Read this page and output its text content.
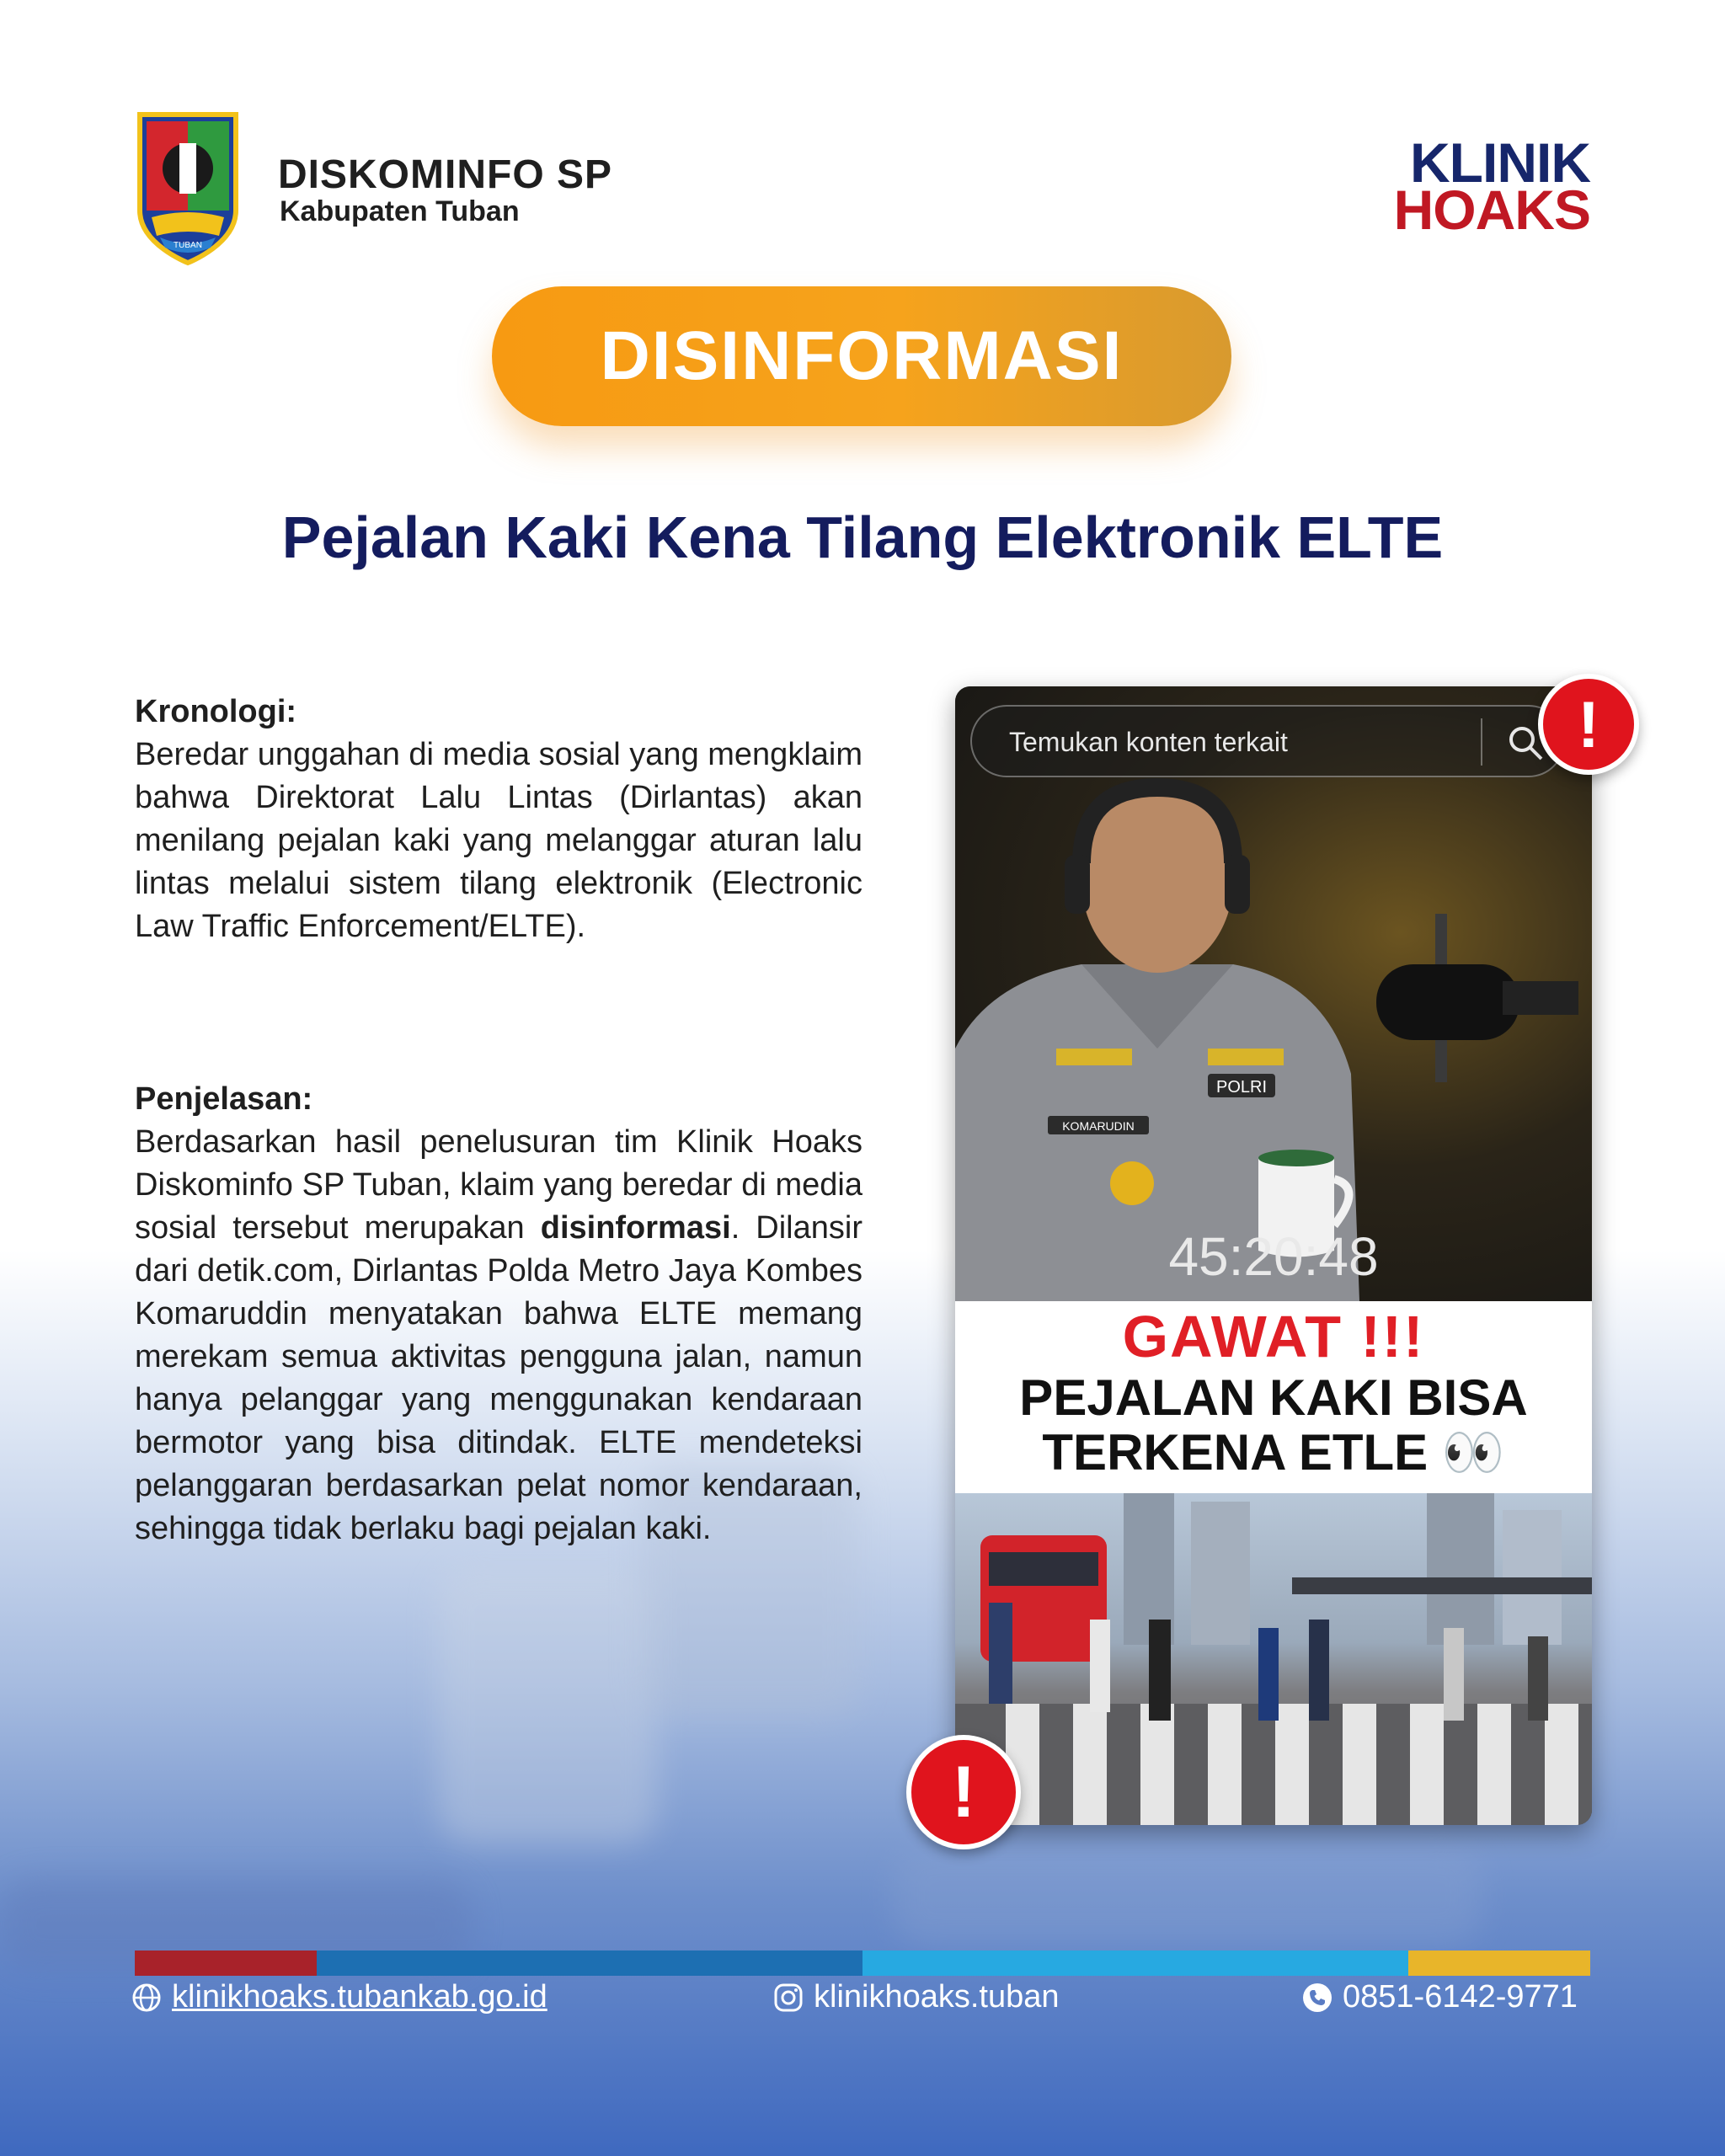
TUBAN
DISKOMINFO SP
Kabupaten Tuban
KLINIK
HOAKS
DISINFORMASI
Pejalan Kaki Kena Tilang Elektronik ELTE
Kronologi:
Beredar unggahan di media sosial yang mengklaim bahwa Direktorat Lalu Lintas (Dirlantas) akan menilang pejalan kaki yang melanggar aturan lalu lintas melalui sistem tilang elektronik (Electronic Law Traffic Enforcement/ELTE).
Penjelasan:
Berdasarkan hasil penelusuran tim Klinik Hoaks Diskominfo SP Tuban, klaim yang beredar di media sosial tersebut merupakan disinformasi. Dilansir dari detik.com, Dirlantas Polda Metro Jaya Kombes Komaruddin menyatakan bahwa ELTE memang merekam semua aktivitas pengguna jalan, namun hanya pelanggar yang menggunakan kendaraan bermotor yang bisa ditindak. ELTE mendeteksi pelanggaran berdasarkan pelat nomor kendaraan, sehingga tidak berlaku bagi pejalan kaki.
POLRI
KOMARUDIN
Temukan konten terkait
45:20:48
GAWAT !!!
PEJALAN KAKI BISA
TERKENA ETLE 👀
!
!
klinikhoaks.tubankab.go.id	klinikhoaks.tuban	0851-6142-9771
